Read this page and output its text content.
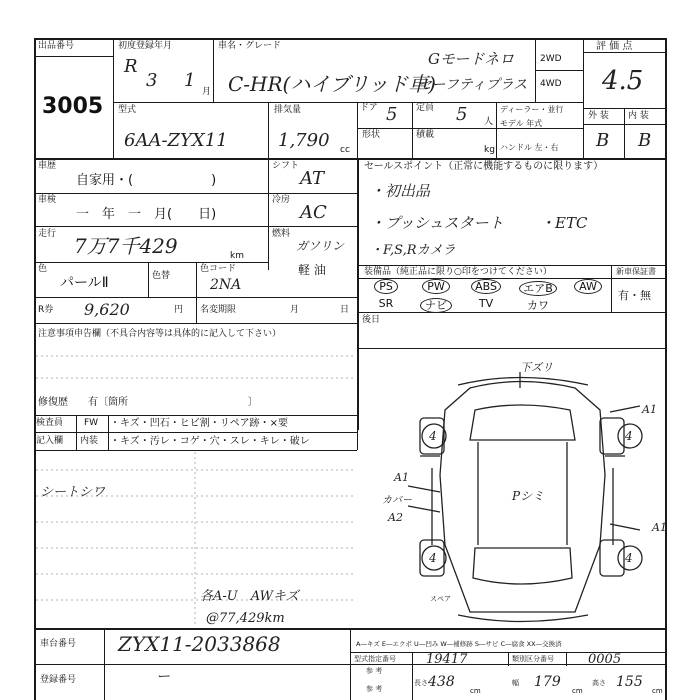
出品番号
3005
初度登録年月
R
3 1
月
車名・グレード
C-HR(ハイブリッド車)
Gモードネロ
セーフティプラス
2WD
4WD
評 価 点
4.5
型式
6AA-ZYX11
排気量
1,790 cc
ドア 5 定員 5 人
ディーラー・並行
モデル 年式
形状	積載
kg ハンドル 左・右
外 装 内 装
B B
車歴
自家用・(　　　　　　)
シフト
AT
車検
一　年　一　月(　　日)
冷房
AC
走行 7万7千429	km
燃料
ガソリン
軽 油
色
パールⅡ	色替
色コード
2NA
R券 9,620	円 名変期限	月	日
セールスポイント（正常に機能するものに限ります）
・初出品
・プッシュスタート ・ETC
・F,S,Rカメラ
装備品（純正品に限り○印をつけてください）	新車保証書
有・無
PS	PW	ABS	エアB	AW
SR	ナビ	TV	カワ
後日
注意事項申告欄（不具合内容等は具体的に記入して下さい）
修復歴　　有〔箇所　　　　　　　　　　　　〕
検査員 FW ・キズ・凹石・ヒビ割・リペア跡・×要
記入欄 内装 ・キズ・汚レ・コゲ・穴・スレ・キレ・破レ
シートシワ
各A-U　AWキズ
@77,429km
下ズリ
4	4
4	4
A1
A1
A1
カバー
A2
Pシミ
スペア
車台番号 ZYX11-2033868
登録番号	ー
A―キズ E―エクボ U―凹み W―補修跡 S―サビ C―腐食 XX―交換済
型式指定番号 19417	類別区分番号	0005
参 考
参 考
長さ 438	幅 179	高さ 155
cm	cm	cm
